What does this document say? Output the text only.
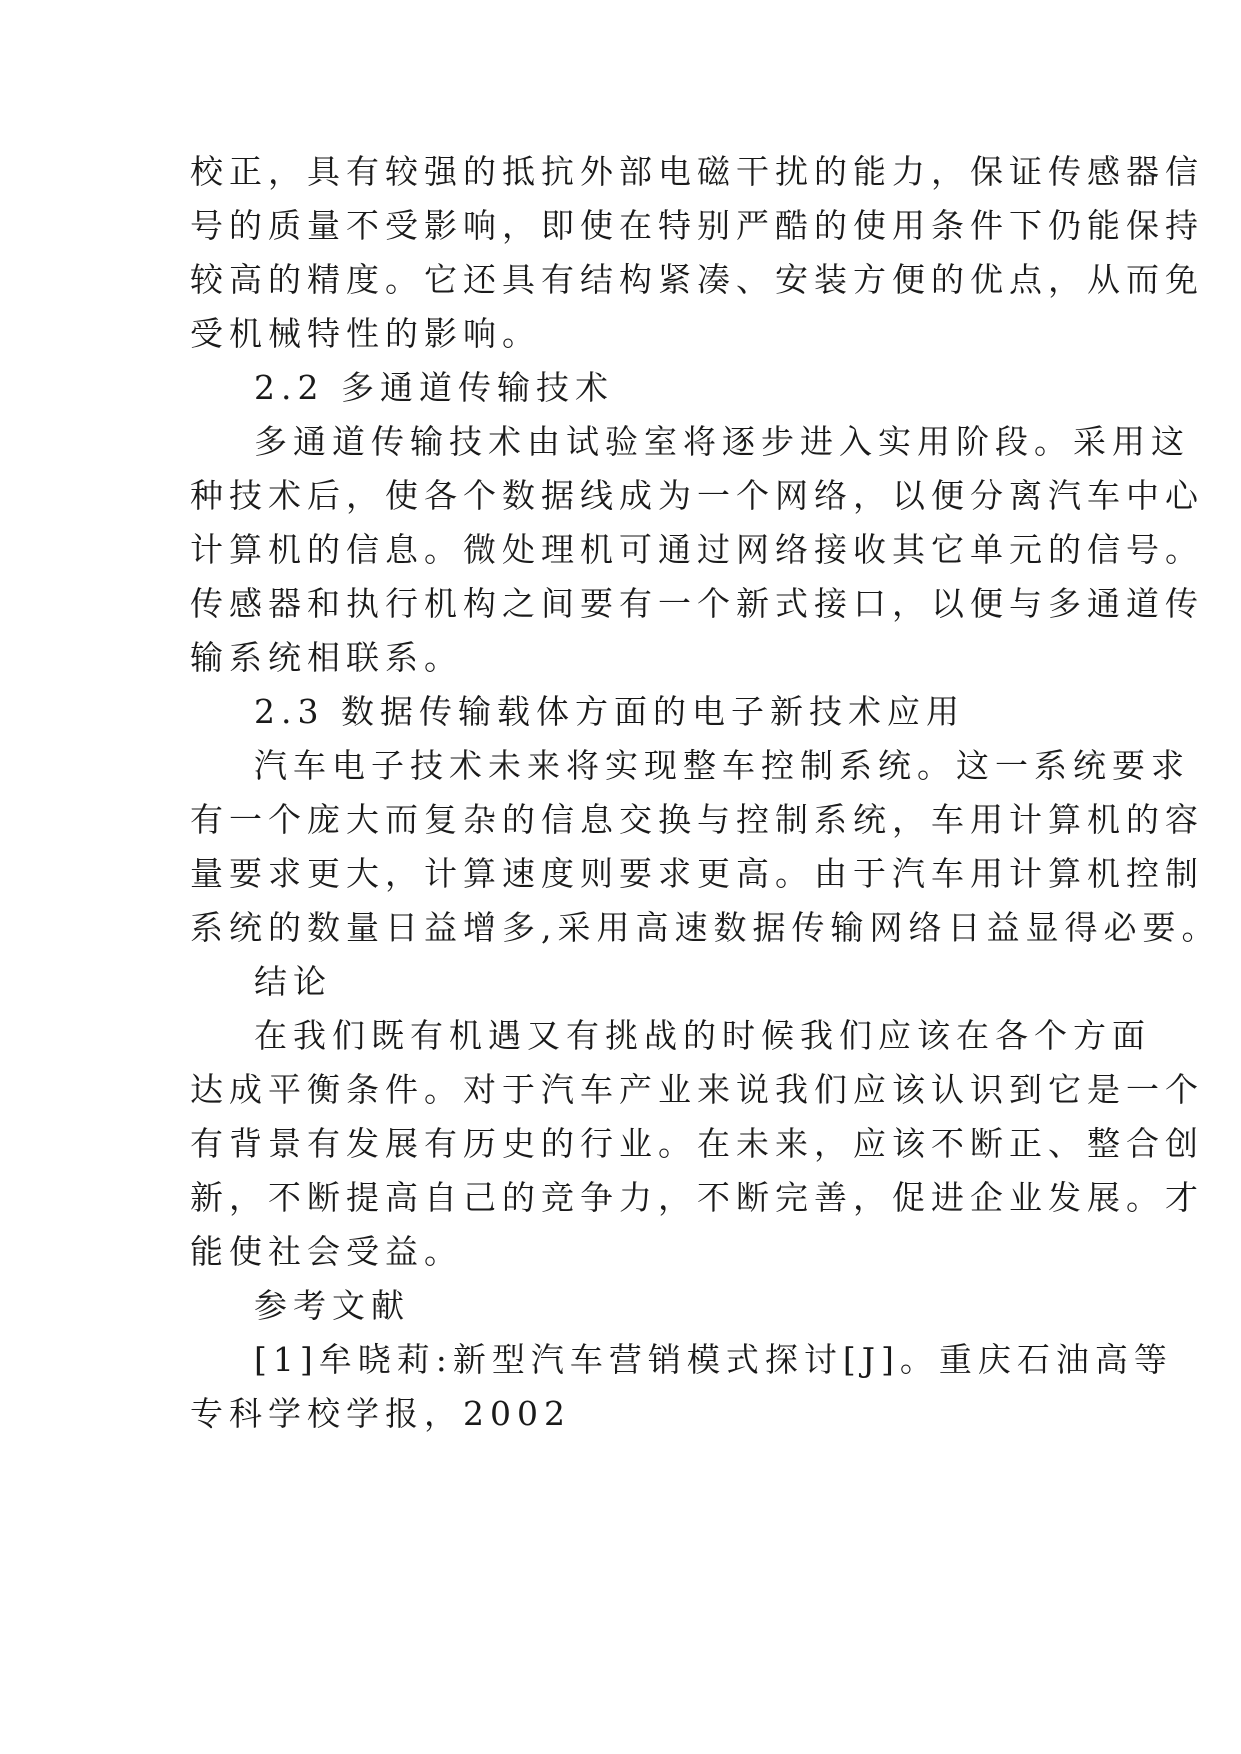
校正，具有较强的抵抗外部电磁干扰的能力，保证传感器信
号的质量不受影响，即使在特别严酷的使用条件下仍能保持
较高的精度。它还具有结构紧凑、安装方便的优点，从而免
受机械特性的影响。
2.2 多通道传输技术
多通道传输技术由试验室将逐步进入实用阶段。采用这
种技术后，使各个数据线成为一个网络，以便分离汽车中心
计算机的信息。微处理机可通过网络接收其它单元的信号。
传感器和执行机构之间要有一个新式接口，以便与多通道传
输系统相联系。
2.3 数据传输载体方面的电子新技术应用
汽车电子技术未来将实现整车控制系统。这一系统要求
有一个庞大而复杂的信息交换与控制系统，车用计算机的容
量要求更大，计算速度则要求更高。由于汽车用计算机控制
系统的数量日益增多,采用高速数据传输网络日益显得必要。
结论
在我们既有机遇又有挑战的时候我们应该在各个方面
达成平衡条件。对于汽车产业来说我们应该认识到它是一个
有背景有发展有历史的行业。在未来，应该不断正、整合创
新，不断提高自己的竞争力，不断完善，促进企业发展。才
能使社会受益。
参考文献
[1]牟晓莉:新型汽车营销模式探讨[J]。重庆石油高等
专科学校学报，2002
